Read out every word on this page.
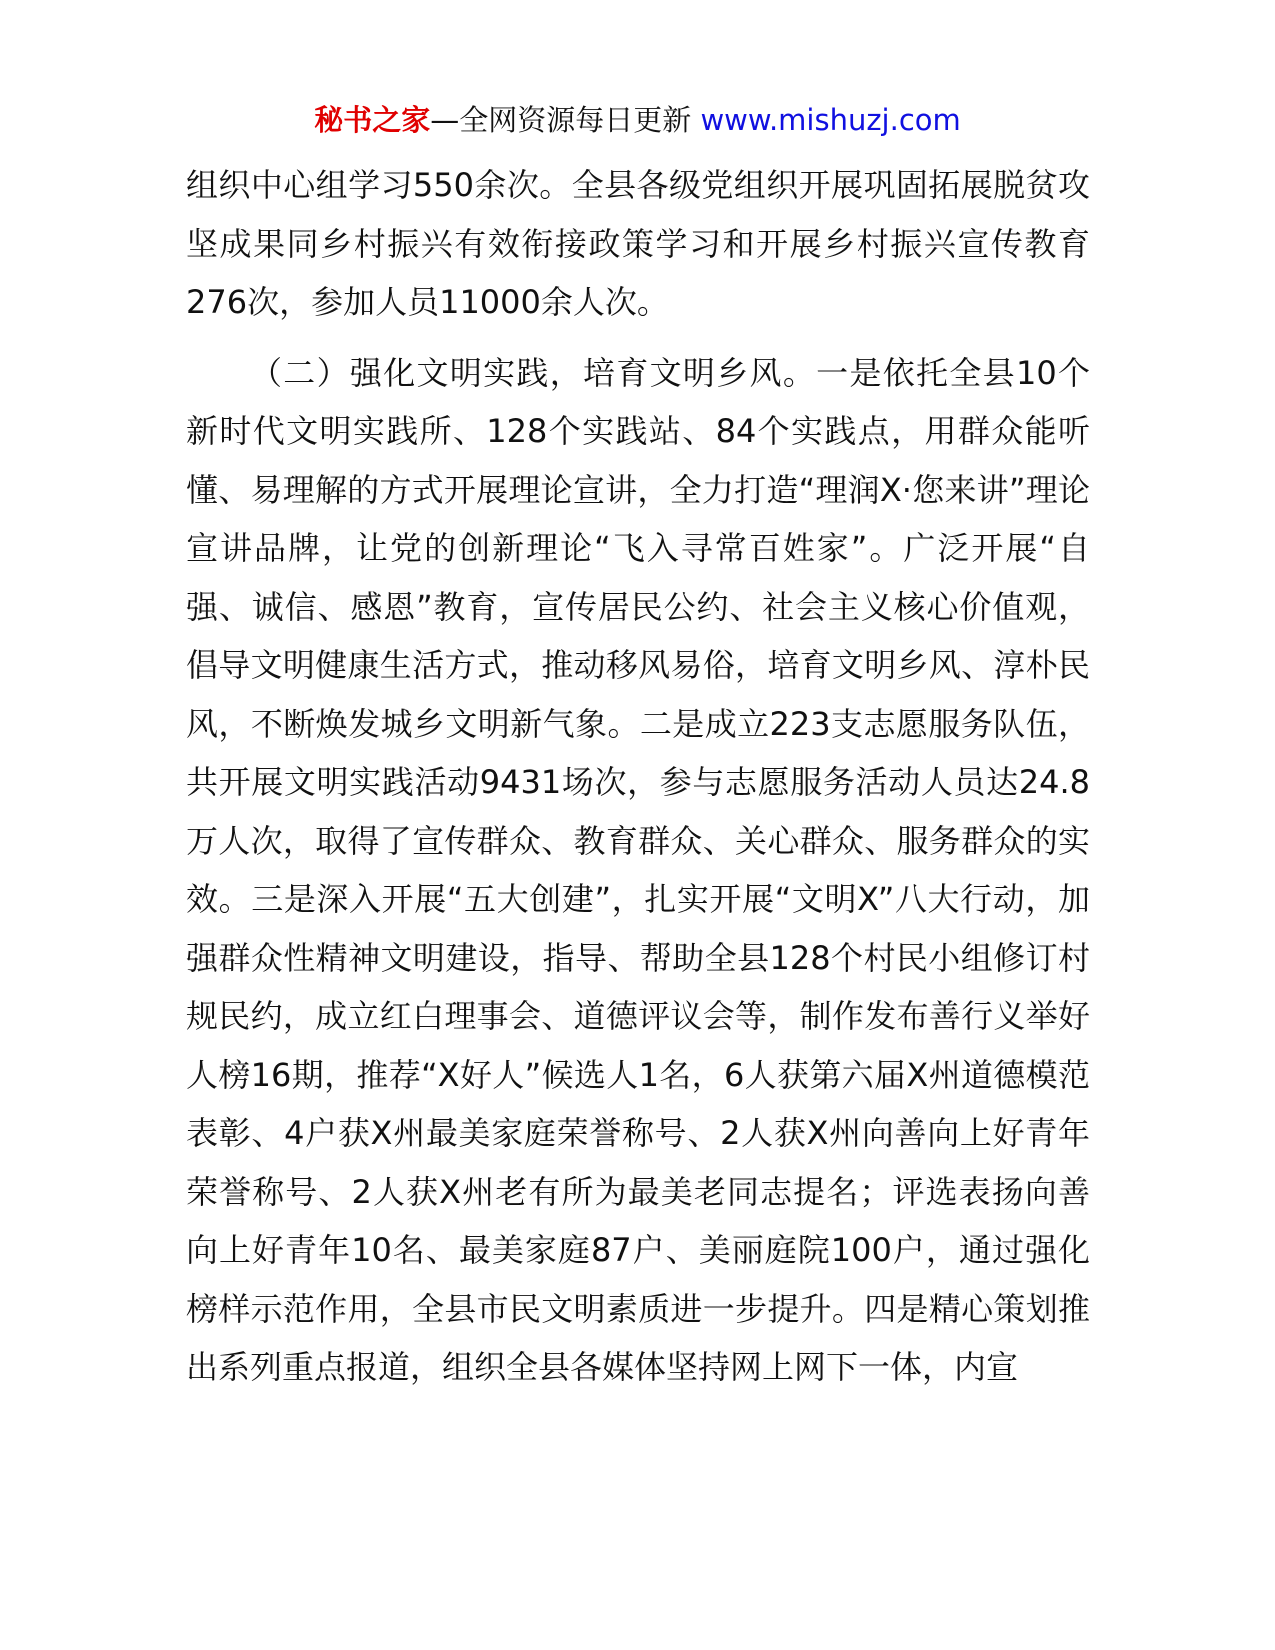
秘书之家—全网资源每日更新 www.mishuzj.com

组织中心组学习550余次。全县各级党组织开展巩固拓展脱贫攻坚成果同乡村振兴有效衔接政策学习和开展乡村振兴宣传教育276次，参加人员11000余人次。

（二）强化文明实践，培育文明乡风。一是依托全县10个新时代文明实践所、128个实践站、84个实践点，用群众能听懂、易理解的方式开展理论宣讲，全力打造“理润X·您来讲”理论宣讲品牌，让党的创新理论“飞入寻常百姓家”。广泛开展“自强、诚信、感恩”教育，宣传居民公约、社会主义核心价值观，倡导文明健康生活方式，推动移风易俗，培育文明乡风、淳朴民风，不断焕发城乡文明新气象。二是成立223支志愿服务队伍，共开展文明实践活动9431场次，参与志愿服务活动人员达24.8万人次，取得了宣传群众、教育群众、关心群众、服务群众的实效。三是深入开展“五大创建”，扎实开展“文明X”八大行动，加强群众性精神文明建设，指导、帮助全县128个村民小组修订村规民约，成立红白理事会、道德评议会等，制作发布善行义举好人榜16期，推荐“X好人”候选人1名，6人获第六届X州道德模范表彰、4户获X州最美家庭荣誉称号、2人获X州向善向上好青年荣誉称号、2人获X州老有所为最美老同志提名；评选表扬向善向上好青年10名、最美家庭87户、美丽庭院100户，通过强化榜样示范作用，全县市民文明素质进一步提升。四是精心策划推出系列重点报道，组织全县各媒体坚持网上网下一体，内宣
